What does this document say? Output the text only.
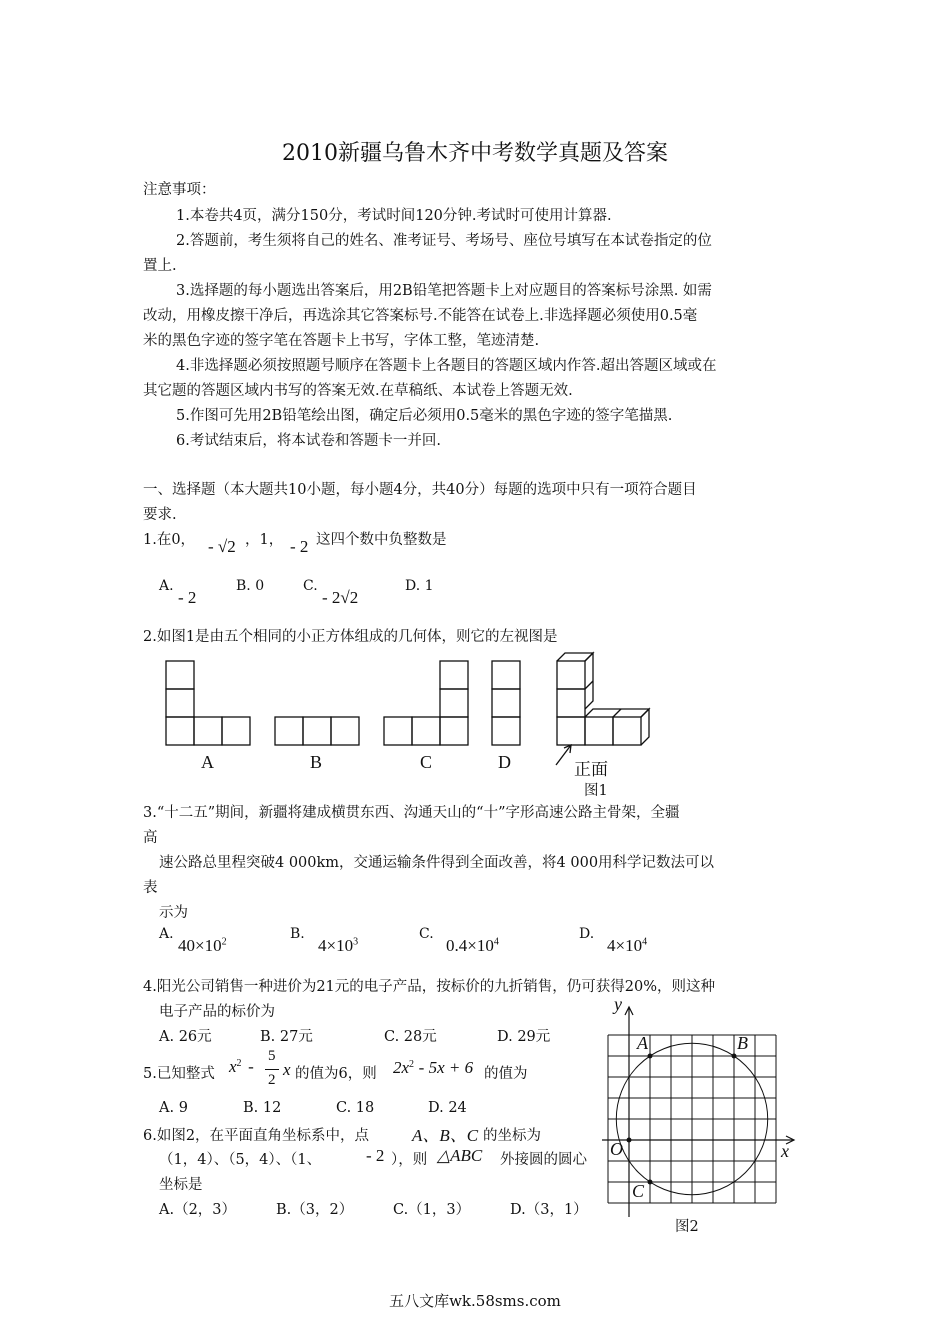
2010新疆乌鲁木齐中考数学真题及答案
注意事项：
1.本卷共4页，满分150分，考试时间120分钟.考试时可使用计算器.
2.答题前，考生须将自己的姓名、准考证号、考场号、座位号填写在本试卷指定的位
置上.
3.选择题的每小题选出答案后，用2B铅笔把答题卡上对应题目的答案标号涂黑. 如需
改动，用橡皮擦干净后，再选涂其它答案标号.不能答在试卷上.非选择题必须使用0.5毫
米的黑色字迹的签字笔在答题卡上书写，字体工整，笔迹清楚.
4.非选择题必须按照题号顺序在答题卡上各题目的答题区域内作答.超出答题区域或在
其它题的答题区域内书写的答案无效.在草稿纸、本试卷上答题无效.
5.作图可先用2B铅笔绘出图，确定后必须用0.5毫米的黑色字迹的签字笔描黑.
6.考试结束后，将本试卷和答题卡一并回.
一、选择题（本大题共10小题，每小题4分，共40分）每题的选项中只有一项符合题目
要求.
1.在0， - √2 ，1， - 2 这四个数中负整数是
A.
- 2
B. 0	C.
- 2√2
D. 1
2.如图1是由五个相同的小正方体组成的几何体，则它的左视图是
A	B	C	D	正面
图1
3.“十二五”期间，新疆将建成横贯东西、沟通天山的“十”字形高速公路主骨架，全疆
高
速公路总里程突破4 000km，交通运输条件得到全面改善，将4 000用科学记数法可以
表
示为
A.
$40\times 10^2$	B.
$4\times 10^3$	C.
$0.4\times 10^4$	D.
$4\times 10^4$
4.阳光公司销售一种进价为21元的电子产品，按标价的九折销售，仍可获得20%，则这种
电子产品的标价为
A. 26元	B. 27元	C. 28元	D. 29元
5.已知整式 $x^2$ -
5
2
x 的值为6，则 $2x^2 - 5x + 6$ 的值为
A. 9	B. 12	C. 18	D. 24
6.如图2，在平面直角坐标系中，点	A、B、C 的坐标为
（1，4）、（5，4）、（1、	- 2 ），则 △ABC 外接圆的圆心
坐标是
A.（2，3）	B.（3，2）	C.（1，3）	D.（3，1）
y
x
O
A	B
C
图2
五八文库wk.58sms.com
